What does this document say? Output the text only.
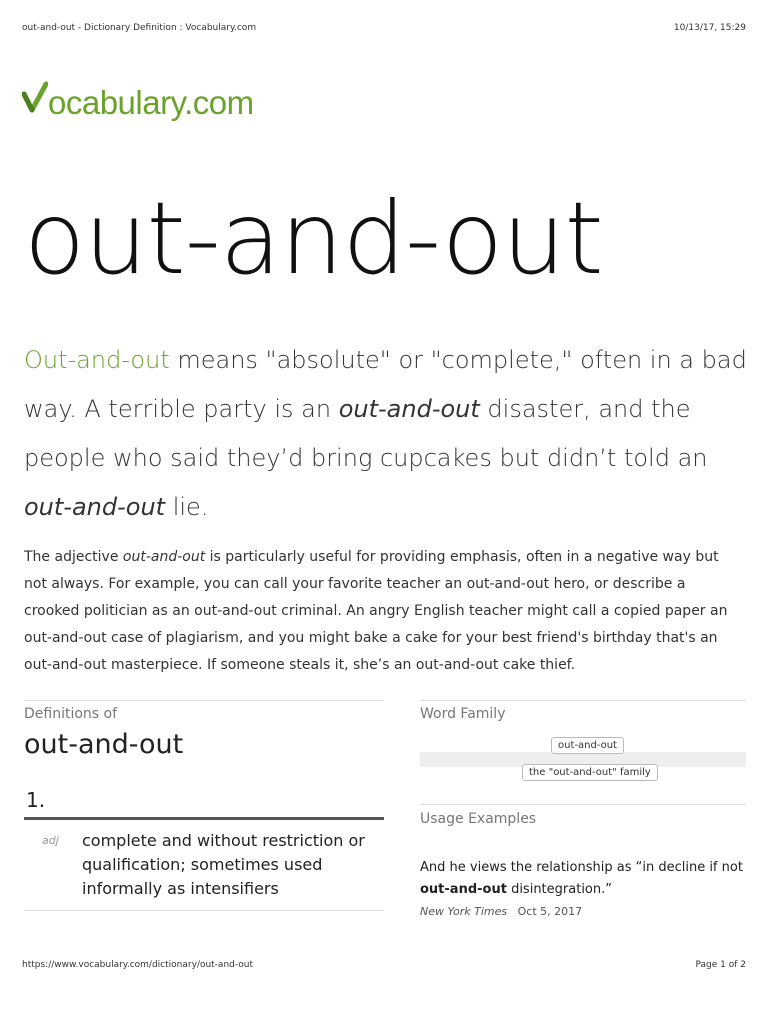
out-and-out - Dictionary Definition : Vocabulary.com	10/13/17, 15:29
ocabulary.com
out-and-out
Out-and-out means "absolute" or "complete," often in a bad way. A terrible party is an out-and-out disaster, and the people who said they’d bring cupcakes but didn’t told an out-and-out lie.
The adjective out-and-out is particularly useful for providing emphasis, often in a negative way but not always. For example, you can call your favorite teacher an out-and-out hero, or describe a crooked politician as an out-and-out criminal. An angry English teacher might call a copied paper an out-and-out case of plagiarism, and you might bake a cake for your best friend's birthday that's an out-and-out masterpiece. If someone steals it, she’s an out-and-out cake thief.
Definitions of
out-and-out
1.
adj complete and without restriction or qualification; sometimes used informally as intensifiers
Word Family
out-and-out
the "out-and-out" family
Usage Examples
And he views the relationship as “in decline if not out-and-out disintegration.”
New York Times Oct 5, 2017
https://www.vocabulary.com/dictionary/out-and-out	Page 1 of 2
